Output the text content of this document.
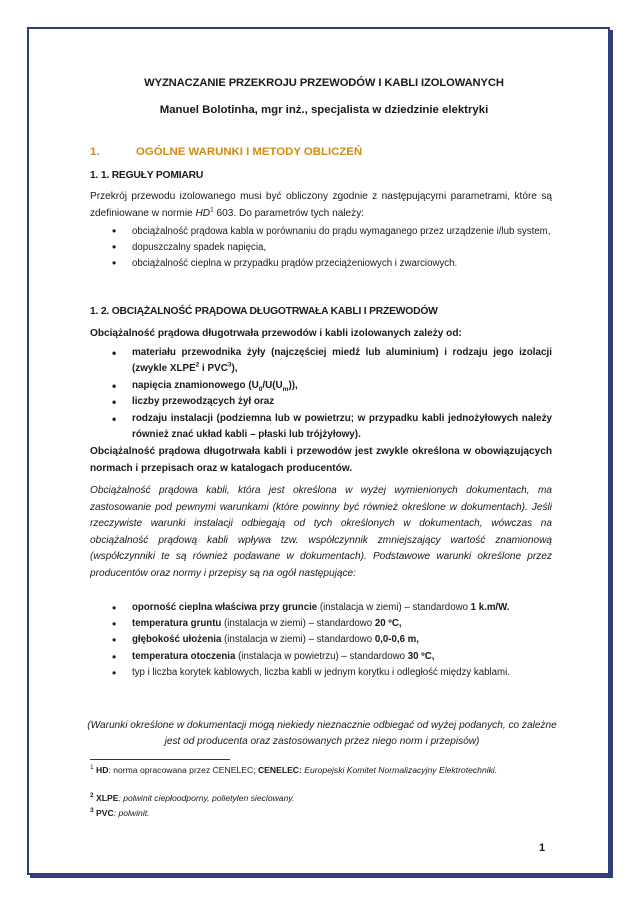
WYZNACZANIE PRZEKROJU PRZEWODÓW I KABLI IZOLOWANYCH
Manuel Bolotinha, mgr inż., specjalista w dziedzinie elektryki
1.	OGÓLNE WARUNKI I METODY OBLICZEŃ
1. 1. REGUŁY POMIARU
Przekrój przewodu izolowanego musi być obliczony zgodnie z następującymi parametrami, które są zdefiniowane w normie $HD^1$ 603. Do parametrów tych należy:
• obciążalność prądowa kabla w porównaniu do prądu wymaganego przez urządzenie i/lub system,
• dopuszczalny spadek napięcia,
• obciążalność cieplna w przypadku prądów przeciążeniowych i zwarciowych.
1. 2. OBCIĄŻALNOŚĆ PRĄDOWA DŁUGOTRWAŁA KABLI I PRZEWODÓW
Obciążalność prądowa długotrwała przewodów i kabli izolowanych zależy od:
• materiału przewodnika żyły (najczęściej miedź lub aluminium) i rodzaju jego izolacji (zwykle XLPE$^2$ i PVC$^3$),
• napięcia znamionowego $(U_0/U(U_m))$,
• liczby przewodzących żył oraz
• rodzaju instalacji (podziemna lub w powietrzu; w przypadku kabli jednożyłowych należy również znać układ kabli – płaski lub trójżyłowy).
Obciążalność prądowa długotrwała kabli i przewodów jest zwykle określona w obowiązujących normach i przepisach oraz w katalogach producentów.
Obciążalność prądowa kabli, która jest określona w wyżej wymienionych dokumentach, ma zastosowanie pod pewnymi warunkami (które powinny być również określone w dokumentach). Jeśli rzeczywiste warunki instalacji odbiegają od tych określonych w dokumentach, wówczas na obciążalność prądową kabli wpływa tzw. współczynnik zmniejszający wartość znamionową (współczynniki te są również podawane w dokumentach). Podstawowe warunki określone przez producentów oraz normy i przepisy są na ogół następujące:
• oporność cieplna właściwa przy gruncie (instalacja w ziemi) – standardowo 1 k.m/W.
• temperatura gruntu (instalacja w ziemi) – standardowo 20 ºC,
• głębokość ułożenia (instalacja w ziemi) – standardowo 0,0-0,6 m,
• temperatura otoczenia (instalacja w powietrzu) – standardowo 30 ºC,
• typ i liczba korytek kablowych, liczba kabli w jednym korytku i odległość między kablami.
(Warunki określone w dokumentacji mogą niekiedy nieznacznie odbiegać od wyżej podanych, co zależne jest od producenta oraz zastosowanych przez niego norm i przepisów)
$^1$ HD: norma opracowana przez CENELEC; CENELEC: Europejski Komitet Normalizacyjny Elektrotechniki.
$^2$ XLPE: polwinit ciepłoodporny, polietylen sieciowany.
$^3$ PVC: polwinit.
1
